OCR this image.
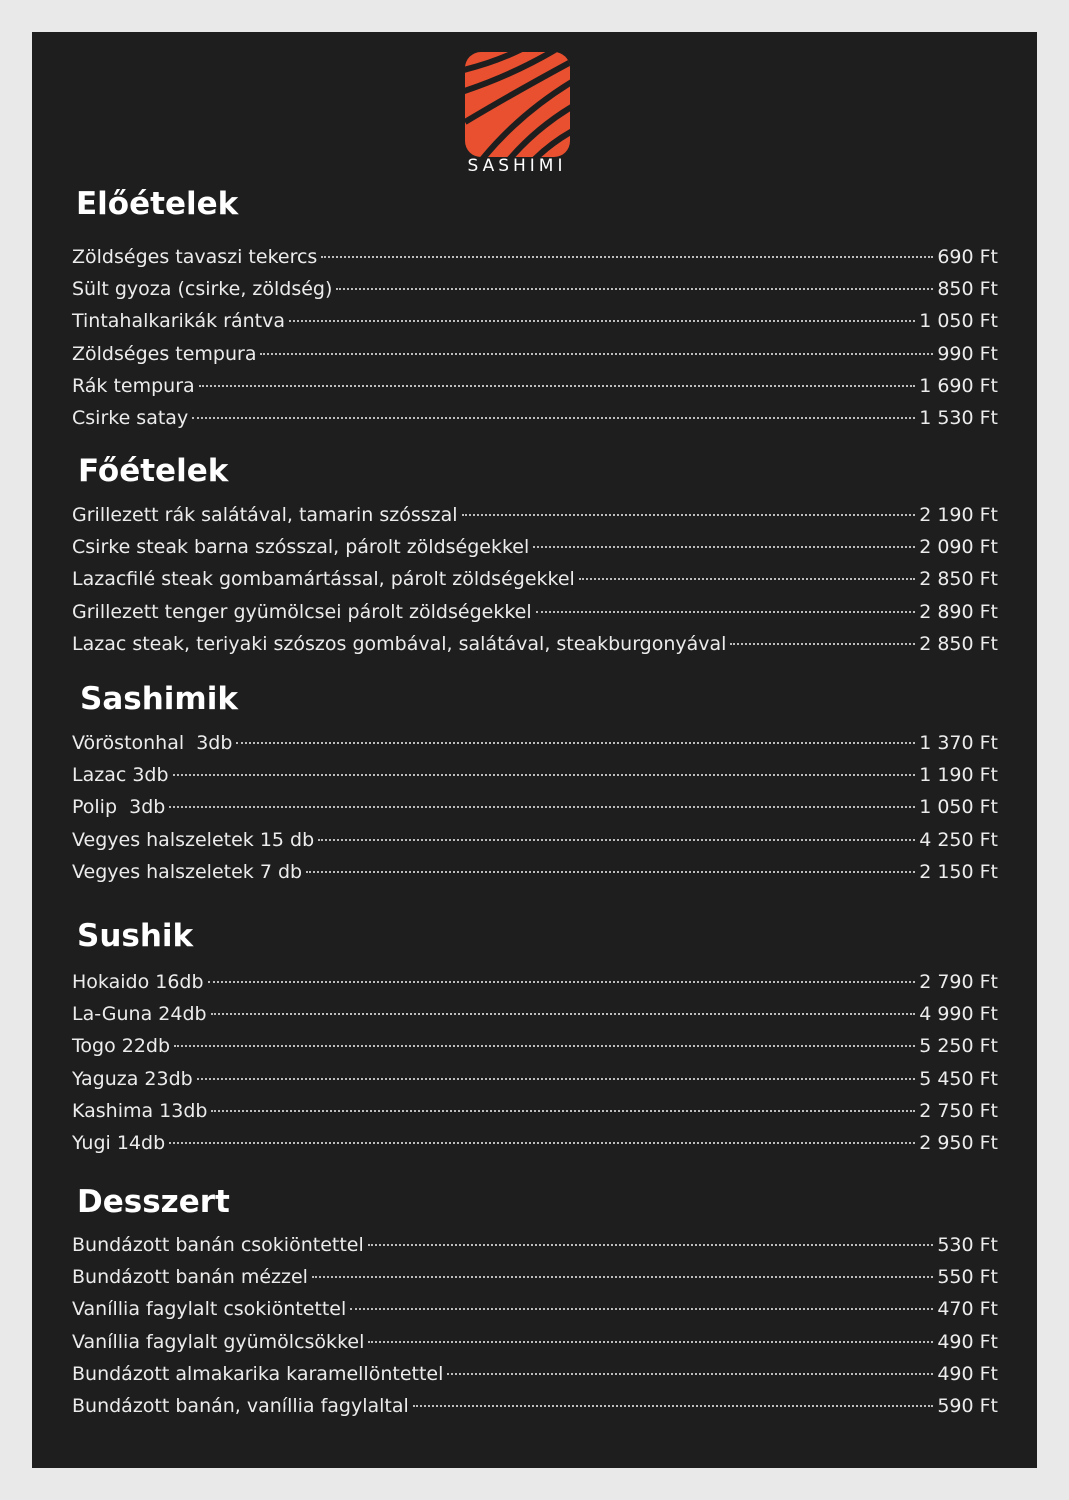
SASHIMI
Előételek
Zöldséges tavaszi tekercs	690 Ft
Sült gyoza (csirke, zöldség)	850 Ft
Tintahalkarikák rántva	1 050 Ft
Zöldséges tempura	990 Ft
Rák tempura	1 690 Ft
Csirke satay	1 530 Ft
Főételek
Grillezett rák salátával, tamarin szósszal	2 190 Ft
Csirke steak barna szósszal, párolt zöldségekkel	2 090 Ft
Lazacfilé steak gombamártással, párolt zöldségekkel	2 850 Ft
Grillezett tenger gyümölcsei párolt zöldségekkel	2 890 Ft
Lazac steak, teriyaki szószos gombával, salátával, steakburgonyával	2 850 Ft
Sashimik
Vöröstonhal  3db	1 370 Ft
Lazac 3db	1 190 Ft
Polip  3db	1 050 Ft
Vegyes halszeletek 15 db	4 250 Ft
Vegyes halszeletek 7 db	2 150 Ft
Sushik
Hokaido 16db	2 790 Ft
La-Guna 24db	4 990 Ft
Togo 22db	5 250 Ft
Yaguza 23db	5 450 Ft
Kashima 13db	2 750 Ft
Yugi 14db	2 950 Ft
Desszert
Bundázott banán csokiöntettel	530 Ft
Bundázott banán mézzel	550 Ft
Vaníllia fagylalt csokiöntettel	470 Ft
Vaníllia fagylalt gyümölcsökkel	490 Ft
Bundázott almakarika karamellöntettel	490 Ft
Bundázott banán, vaníllia fagylaltal	590 Ft
